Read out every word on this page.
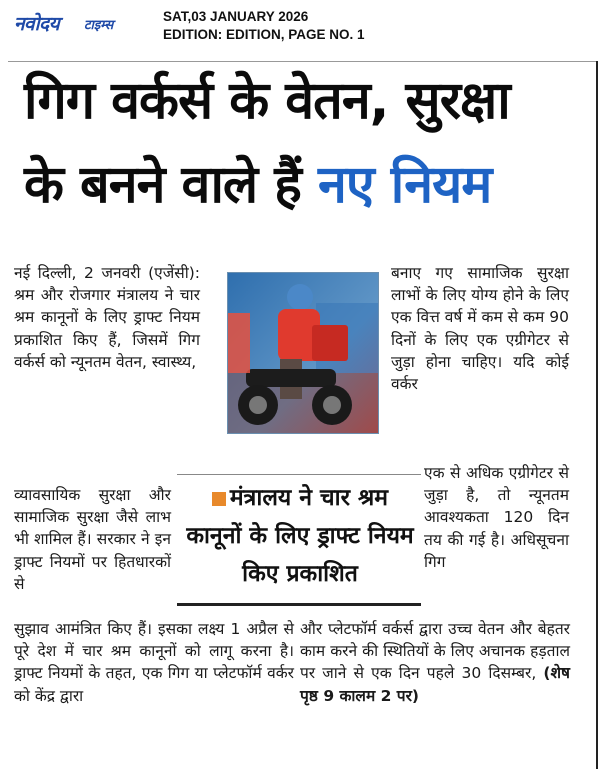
नवोदय टाइम्स
SAT,03 JANUARY 2026
EDITION: EDITION, PAGE NO. 1
गिग वर्कर्स के वेतन, सुरक्षा
के बनने वाले हैं नए नियम
नई दिल्ली, 2 जनवरी (एजेंसी): श्रम और रोजगार मंत्रालय ने चार श्रम कानूनों के लिए ड्राफ्ट नियम प्रकाशित किए हैं, जिसमें गिग वर्कर्स को न्यूनतम वेतन, स्वास्थ्य,
व्यावसायिक सुरक्षा और सामाजिक सुरक्षा जैसे लाभ भी शामिल हैं। सरकार ने इन ड्राफ्ट नियमों पर हितधारकों से
बनाए गए सामाजिक सुरक्षा लाभों के लिए योग्य होने के लिए एक वित्त वर्ष में कम से कम 90 दिनों के लिए एक एग्रीगेटर से जुड़ा होना चाहिए। यदि कोई वर्कर
एक से अधिक एग्रीगेटर से जुड़ा है, तो न्यूनतम आवश्यकता 120 दिन तय की गई है। अधिसूचना गिग
सुझाव आमंत्रित किए हैं। इसका लक्ष्य 1 अप्रैल से पूरे देश में चार श्रम कानूनों को लागू करना है। ड्राफ्ट नियमों के तहत, एक गिग या प्लेटफॉर्म वर्कर को केंद्र द्वारा
और प्लेटफॉर्म वर्कर्स द्वारा उच्च वेतन और बेहतर काम करने की स्थितियों के लिए अचानक हड़ताल पर जाने से एक दिन पहले 30 दिसम्बर, (शेष पृष्ठ 9 कालम 2 पर)
मंत्रालय ने चार श्रम कानूनों के लिए ड्राफ्ट नियम किए प्रकाशित
